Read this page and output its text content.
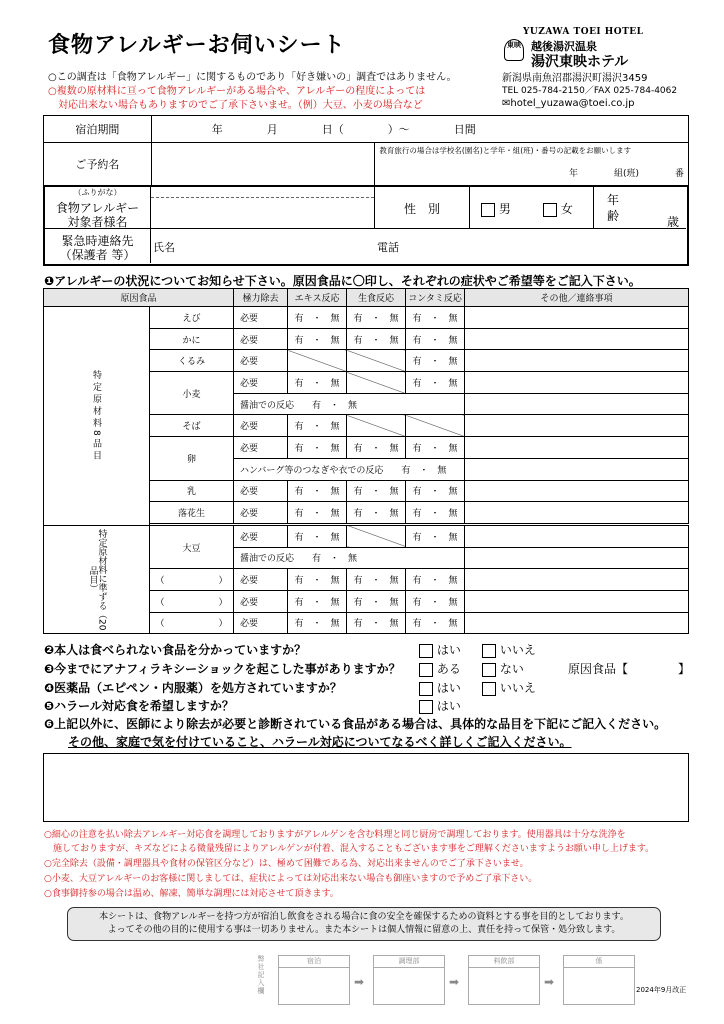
食物アレルギーお伺いシート
YUZAWA TOEI HOTEL
東映 越後湯沢温泉
湯沢東映ホテル
新潟県南魚沼郡湯沢町湯沢3459
TEL 025-784-2150／FAX 025-784-4062
✉hotel_yuzawa@toei.co.jp
○この調査は「食物アレルギー」に関するものであり「好き嫌いの」調査ではありません。
○複数の原材料に亘って食物アレルギーがある場合や、アレルギーの程度によっては
　対応出来ない場合もありますのでご了承下さいませ。（例）大豆、小麦の場合など
宿泊期間	年　　　　月　　　　日（　　　　）～　　　　日間	
ご予約名		教育旅行の場合は学校名(園名)と学年・組(班)・番号の記載をお願いします
年　　　　組(班)　　　　番
（ふりがな）
食物アレルギー
対象者様名
性　別	男	女
年
齢	歳
緊急時連絡先
（保護者 等）
氏名	電話
❶アレルギーの状況についてお知らせ下さい。原因食品に〇印し、それぞれの症状やご希望等をご記入下さい。
原因食品		極力除去	エキス反応	生食反応	コンタミ反応	その他／連絡事項
特定原材料8品目	えび	必要	有　・　無	有　・　無	有　・　無	
	かに	必要	有　・　無	有　・　無	有　・　無	
	くるみ	必要			有　・　無	
	小麦	必要	有　・　無		有　・　無	
		醤油での反応　　有　・　無				
	そば	必要	有　・　無			
	卵	必要	有　・　無	有　・　無	有　・　無	
		ハンバーグ等のつなぎや衣での反応　　有　・　無				
	乳	必要	有　・　無	有　・　無	有　・　無	
	落花生	必要	有　・　無	有　・　無	有　・　無	

特定原材料に準ずる（20品目）	大豆	必要	有　・　無		有　・　無	
		醤油での反応　　有　・　無				
	（　　　　　　）	必要	有　・　無	有　・　無	有　・　無	
	（　　　　　　）	必要	有　・　無	有　・　無	有　・　無	
	（　　　　　　）	必要	有　・　無	有　・　無	有　・　無	
❷本人は食べられない食品を分かっていますか？	はい	いいえ
❸今までにアナフィラキシーショックを起こした事がありますか？	ある	ない	原因食品【	】
❹医薬品（エピペン・内服薬）を処方されていますか？	はい	いいえ
❺ハラール対応食を希望しますか？	はい
❻上記以外に、医師により除去が必要と診断されている食品がある場合は、具体的な品目を下記にご記入ください。
その他、家庭で気を付けていること、ハラール対応についてなるべく詳しくご記入ください。
○細心の注意を払い除去アレルギー対応食を調理しておりますがアレルゲンを含む料理と同じ厨房で調理しております。使用器具は十分な洗浄を
　施しておりますが、キズなどによる微量残留によりアレルゲンが付着、混入することもございます事をご理解くださいますようお願い申し上げます。
○完全除去（設備・調理器具や食材の保管区分など）は、極めて困難である為、対応出来ませんのでご了承下さいませ。
○小麦、大豆アレルギーのお客様に関しましては、症状によっては対応出来ない場合も御座いますので予めご了承下さい。
○食事御持参の場合は温め、解凍、簡単な調理には対応させて頂きます。
本シートは、食物アレルギーを持つ方が宿泊し飲食をされる場合に食の安全を確保するための資料とする事を目的としております。
よってその他の目的に使用する事は一切ありません。また本シートは個人情報に留意の上、責任を持って保管・処分致します。
弊社記入欄	宿泊
➡
調理部
➡
料飲部
➡
係
2024年9月改正
